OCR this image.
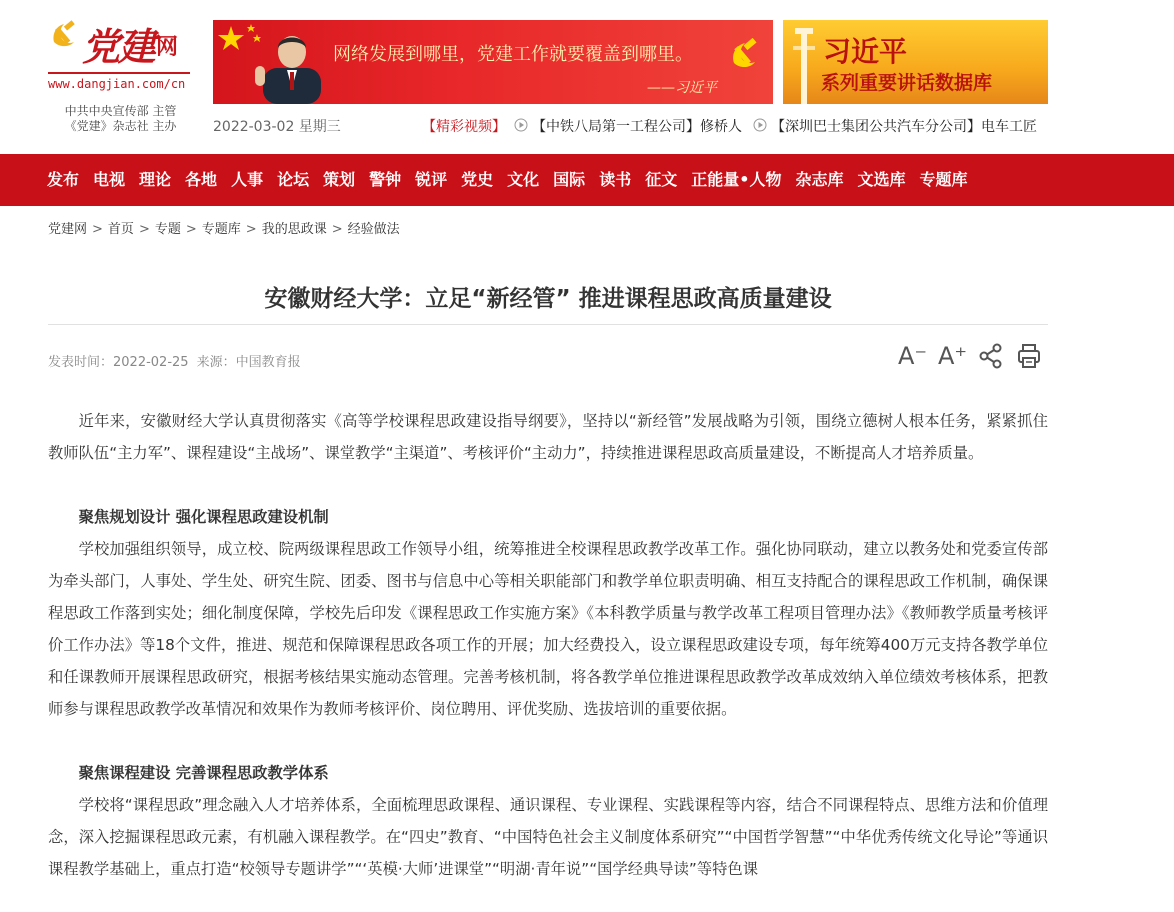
党建网
www.dangjian.com/cn
中共中央宣传部 主管
《党建》杂志社 主办
网络发展到哪里，党建工作就要覆盖到哪里。
——习近平
习近平
系列重要讲话数据库
2022-03-02 星期三	【精彩视频】 【中铁八局第一工程公司】修桥人 【深圳巴士集团公共汽车分公司】电车工匠
发布 电视 理论 各地 人事 论坛 策划 警钟 锐评 党史 文化 国际 读书 征文 正能量•人物 杂志库 文选库 专题库
党建网 > 首页 > 专题 > 专题库 > 我的思政课 > 经验做法
安徽财经大学：立足“新经管” 推进课程思政高质量建设
发表时间：2022-02-25 来源：中国教育报	A⁻ A⁺

近年来，安徽财经大学认真贯彻落实《高等学校课程思政建设指导纲要》，坚持以“新经管”发展战略为引领，围绕立德树人根本任务，紧紧抓住教师队伍“主力军”、课程建设“主战场”、课堂教学“主渠道”、考核评价“主动力”，持续推进课程思政高质量建设，不断提高人才培养质量。

聚焦规划设计 强化课程思政建设机制

学校加强组织领导，成立校、院两级课程思政工作领导小组，统筹推进全校课程思政教学改革工作。强化协同联动，建立以教务处和党委宣传部为牵头部门，人事处、学生处、研究生院、团委、图书与信息中心等相关职能部门和教学单位职责明确、相互支持配合的课程思政工作机制，确保课程思政工作落到实处；细化制度保障，学校先后印发《课程思政工作实施方案》《本科教学质量与教学改革工程项目管理办法》《教师教学质量考核评价工作办法》等18个文件，推进、规范和保障课程思政各项工作的开展；加大经费投入，设立课程思政建设专项，每年统筹400万元支持各教学单位和任课教师开展课程思政研究，根据考核结果实施动态管理。完善考核机制，将各教学单位推进课程思政教学改革成效纳入单位绩效考核体系，把教师参与课程思政教学改革情况和效果作为教师考核评价、岗位聘用、评优奖励、选拔培训的重要依据。

聚焦课程建设 完善课程思政教学体系

学校将“课程思政”理念融入人才培养体系，全面梳理思政课程、通识课程、专业课程、实践课程等内容，结合不同课程特点、思维方法和价值理念，深入挖掘课程思政元素，有机融入课程教学。在“四史”教育、“中国特色社会主义制度体系研究”“中国哲学智慧”“中华优秀传统文化导论”等通识课程教学基础上，重点打造“校领导专题讲学”“‘英模·大师’进课堂”“明湖·青年说”“国学经典导读”等特色课
